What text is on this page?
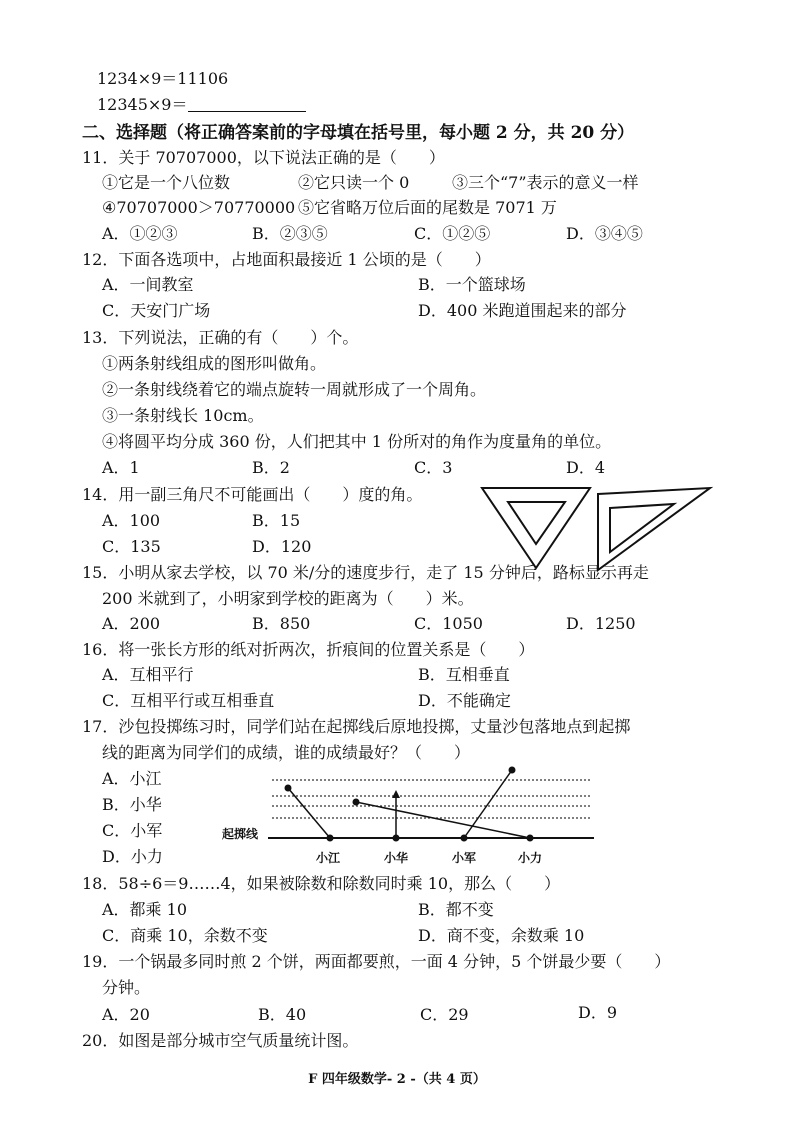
1234×9＝11106
12345×9＝
二、选择题（将正确答案前的字母填在括号里，每小题 2 分，共 20 分）
11．关于 70707000，以下说法正确的是（　　）
①它是一个八位数	②它只读一个 0	③三个“7”表示的意义一样
④70707000＞70770000 ⑤它省略万位后面的尾数是 7071 万
A．①②③	B．②③⑤	C．①②⑤	D．③④⑤
12．下面各选项中，占地面积最接近 1 公顷的是（　　）
A．一间教室	B．一个篮球场
C．天安门广场	D．400 米跑道围起来的部分
13．下列说法，正确的有（　　）个。
①两条射线组成的图形叫做角。
②一条射线绕着它的端点旋转一周就形成了一个周角。
③一条射线长 10cm。
④将圆平均分成 360 份，人们把其中 1 份所对的角作为度量角的单位。
A．1	B．2	C．3	D．4
14．用一副三角尺不可能画出（　　）度的角。
A．100	B．15
C．135	D．120
15．小明从家去学校，以 70 米/分的速度步行，走了 15 分钟后，路标显示再走
200 米就到了，小明家到学校的距离为（　　）米。
A．200	B．850	C．1050	D．1250
16．将一张长方形的纸对折两次，折痕间的位置关系是（　　）
A．互相平行	B．互相垂直
C．互相平行或互相垂直	D．不能确定
17．沙包投掷练习时，同学们站在起掷线后原地投掷，丈量沙包落地点到起掷
线的距离为同学们的成绩，谁的成绩最好？（　　）
A．小江
B．小华
C．小军
D．小力
起掷线
小江	小华	小军	小力
18．58÷6＝9……4，如果被除数和除数同时乘 10，那么（　　）
A．都乘 10	B．都不变
C．商乘 10，余数不变	D．商不变，余数乘 10
19．一个锅最多同时煎 2 个饼，两面都要煎，一面 4 分钟，5 个饼最少要（　　）
分钟。
A．20	B．40	C．29	D．9
20．如图是部分城市空气质量统计图。
F 四年级数学- 2 -（共 4 页）
